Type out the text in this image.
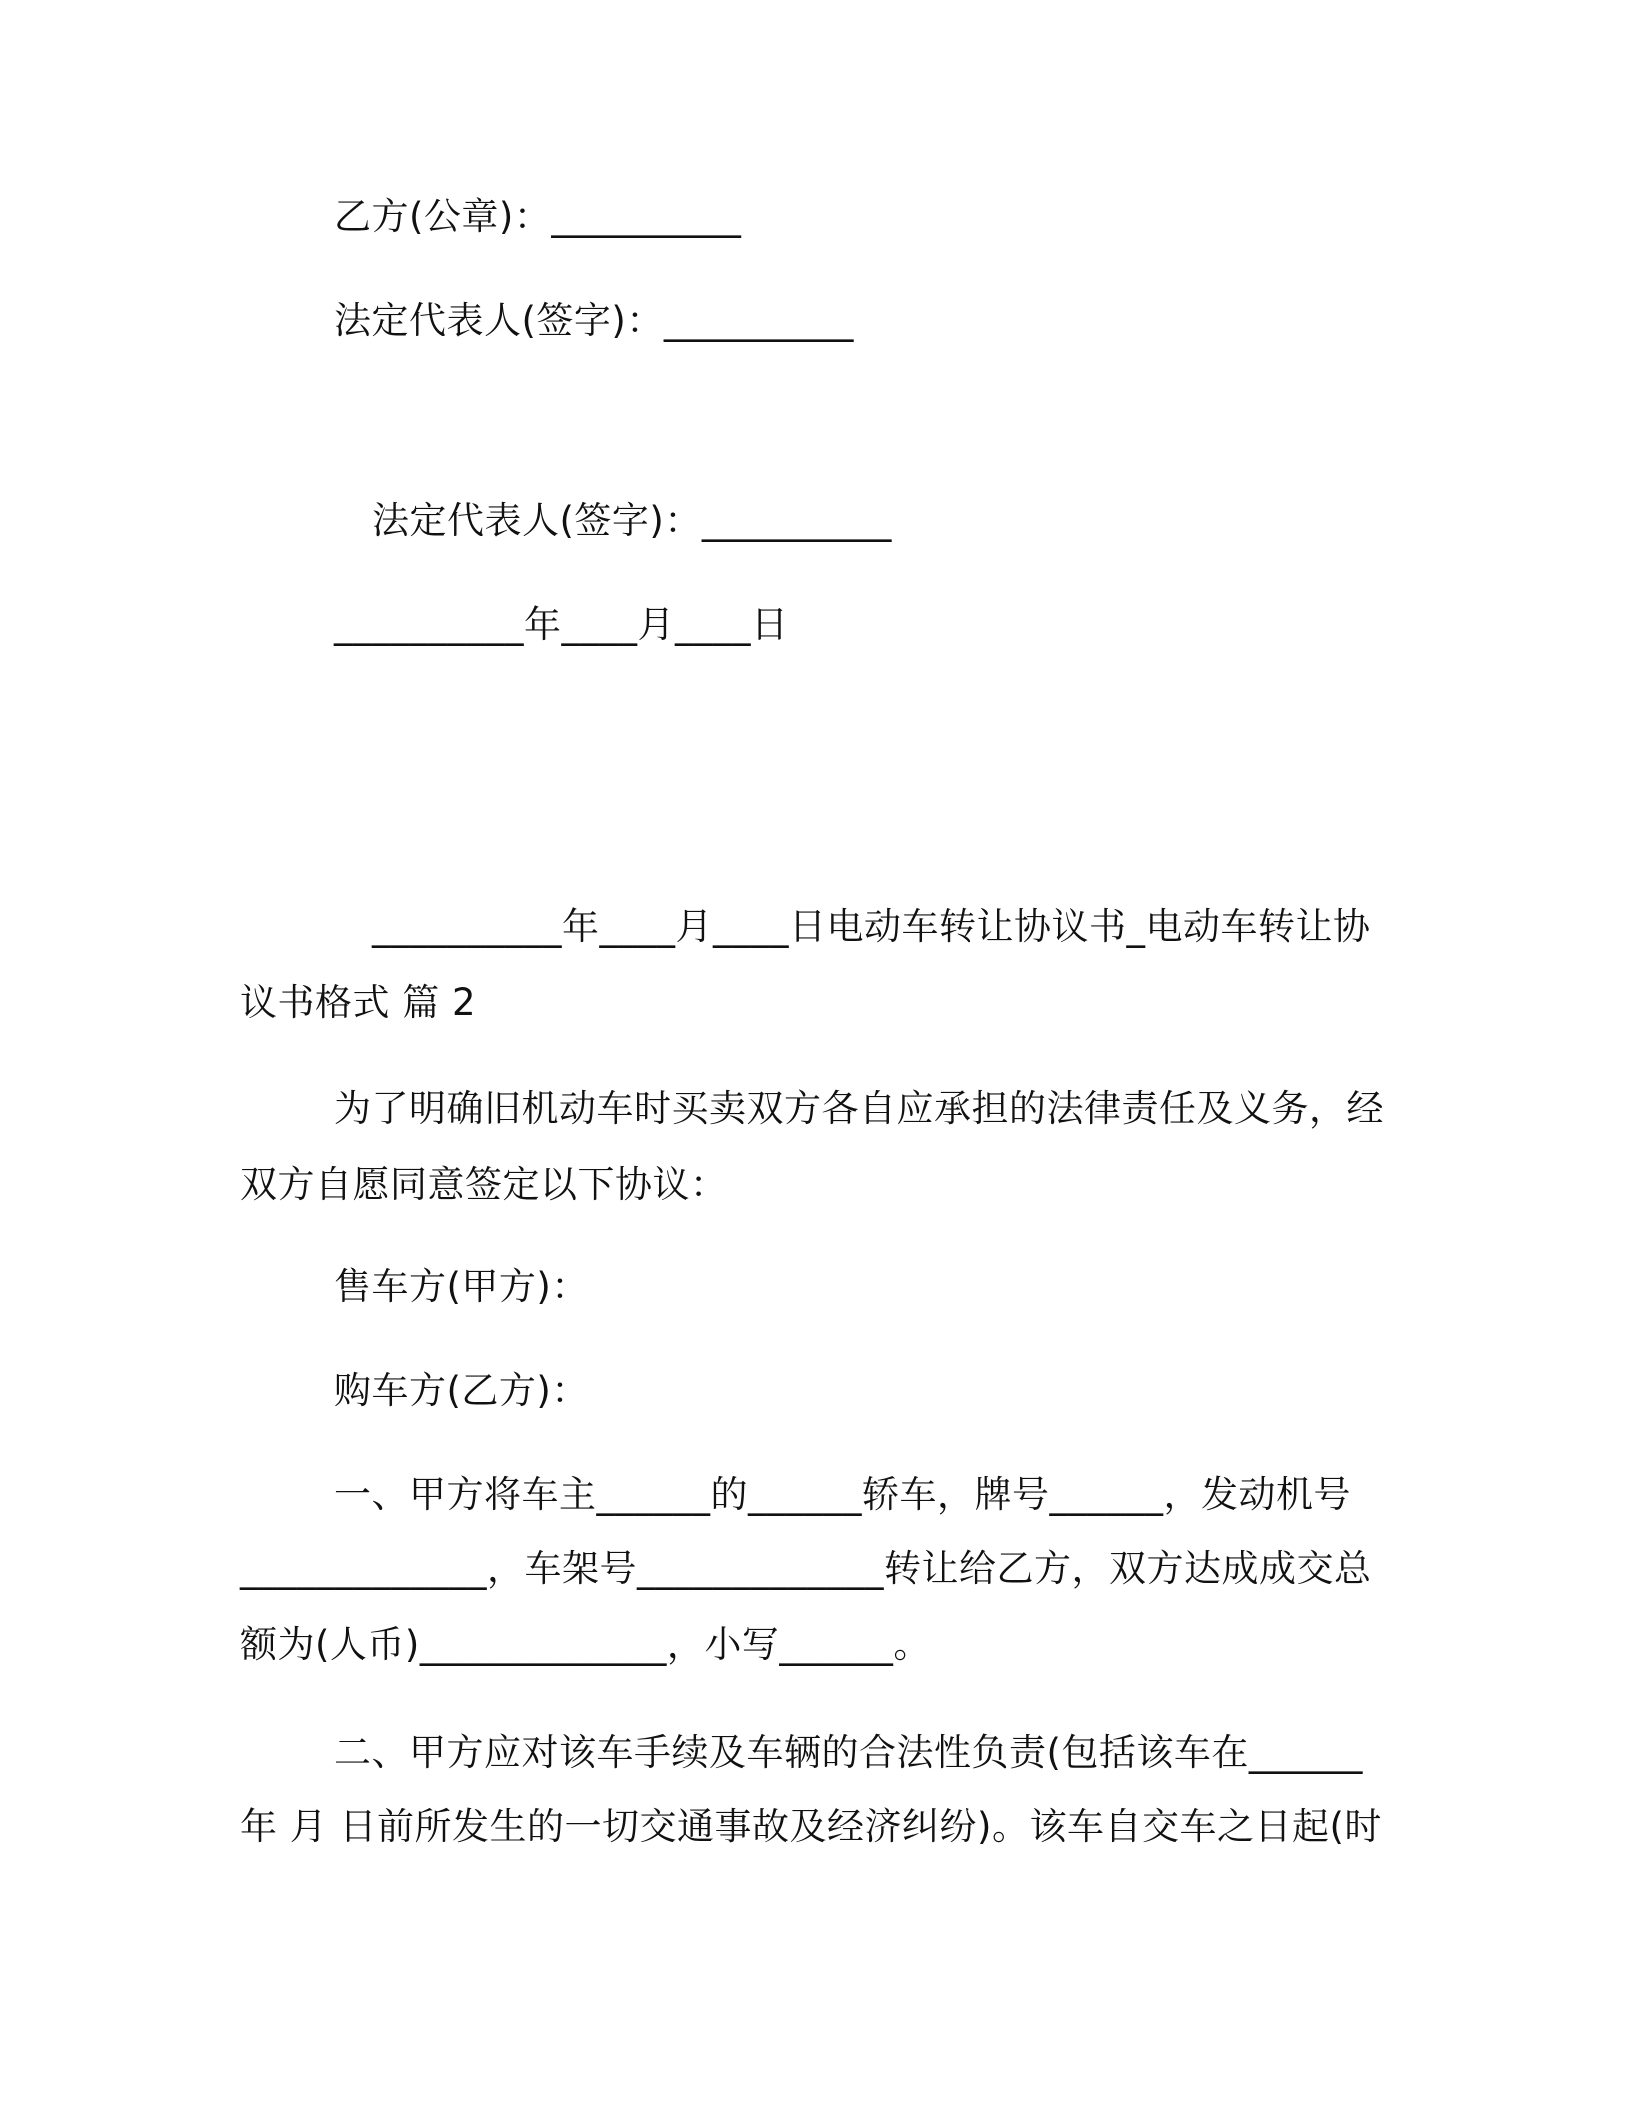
乙方(公章)：__________

法定代表人(签字)：__________

法定代表人(签字)：__________

__________年____月____日

__________年____月____日电动车转让协议书_电动车转让协

议书格式 篇 2

为了明确旧机动车时买卖双方各自应承担的法律责任及义务，经

双方自愿同意签定以下协议：

售车方(甲方)：

购车方(乙方)：

一、甲方将车主______的______轿车，牌号______，发动机号

_____________，车架号_____________转让给乙方，双方达成成交总

额为(人币)_____________，小写______。

二、甲方应对该车手续及车辆的合法性负责(包括该车在______

年 月 日前所发生的一切交通事故及经济纠纷)。该车自交车之日起(时
